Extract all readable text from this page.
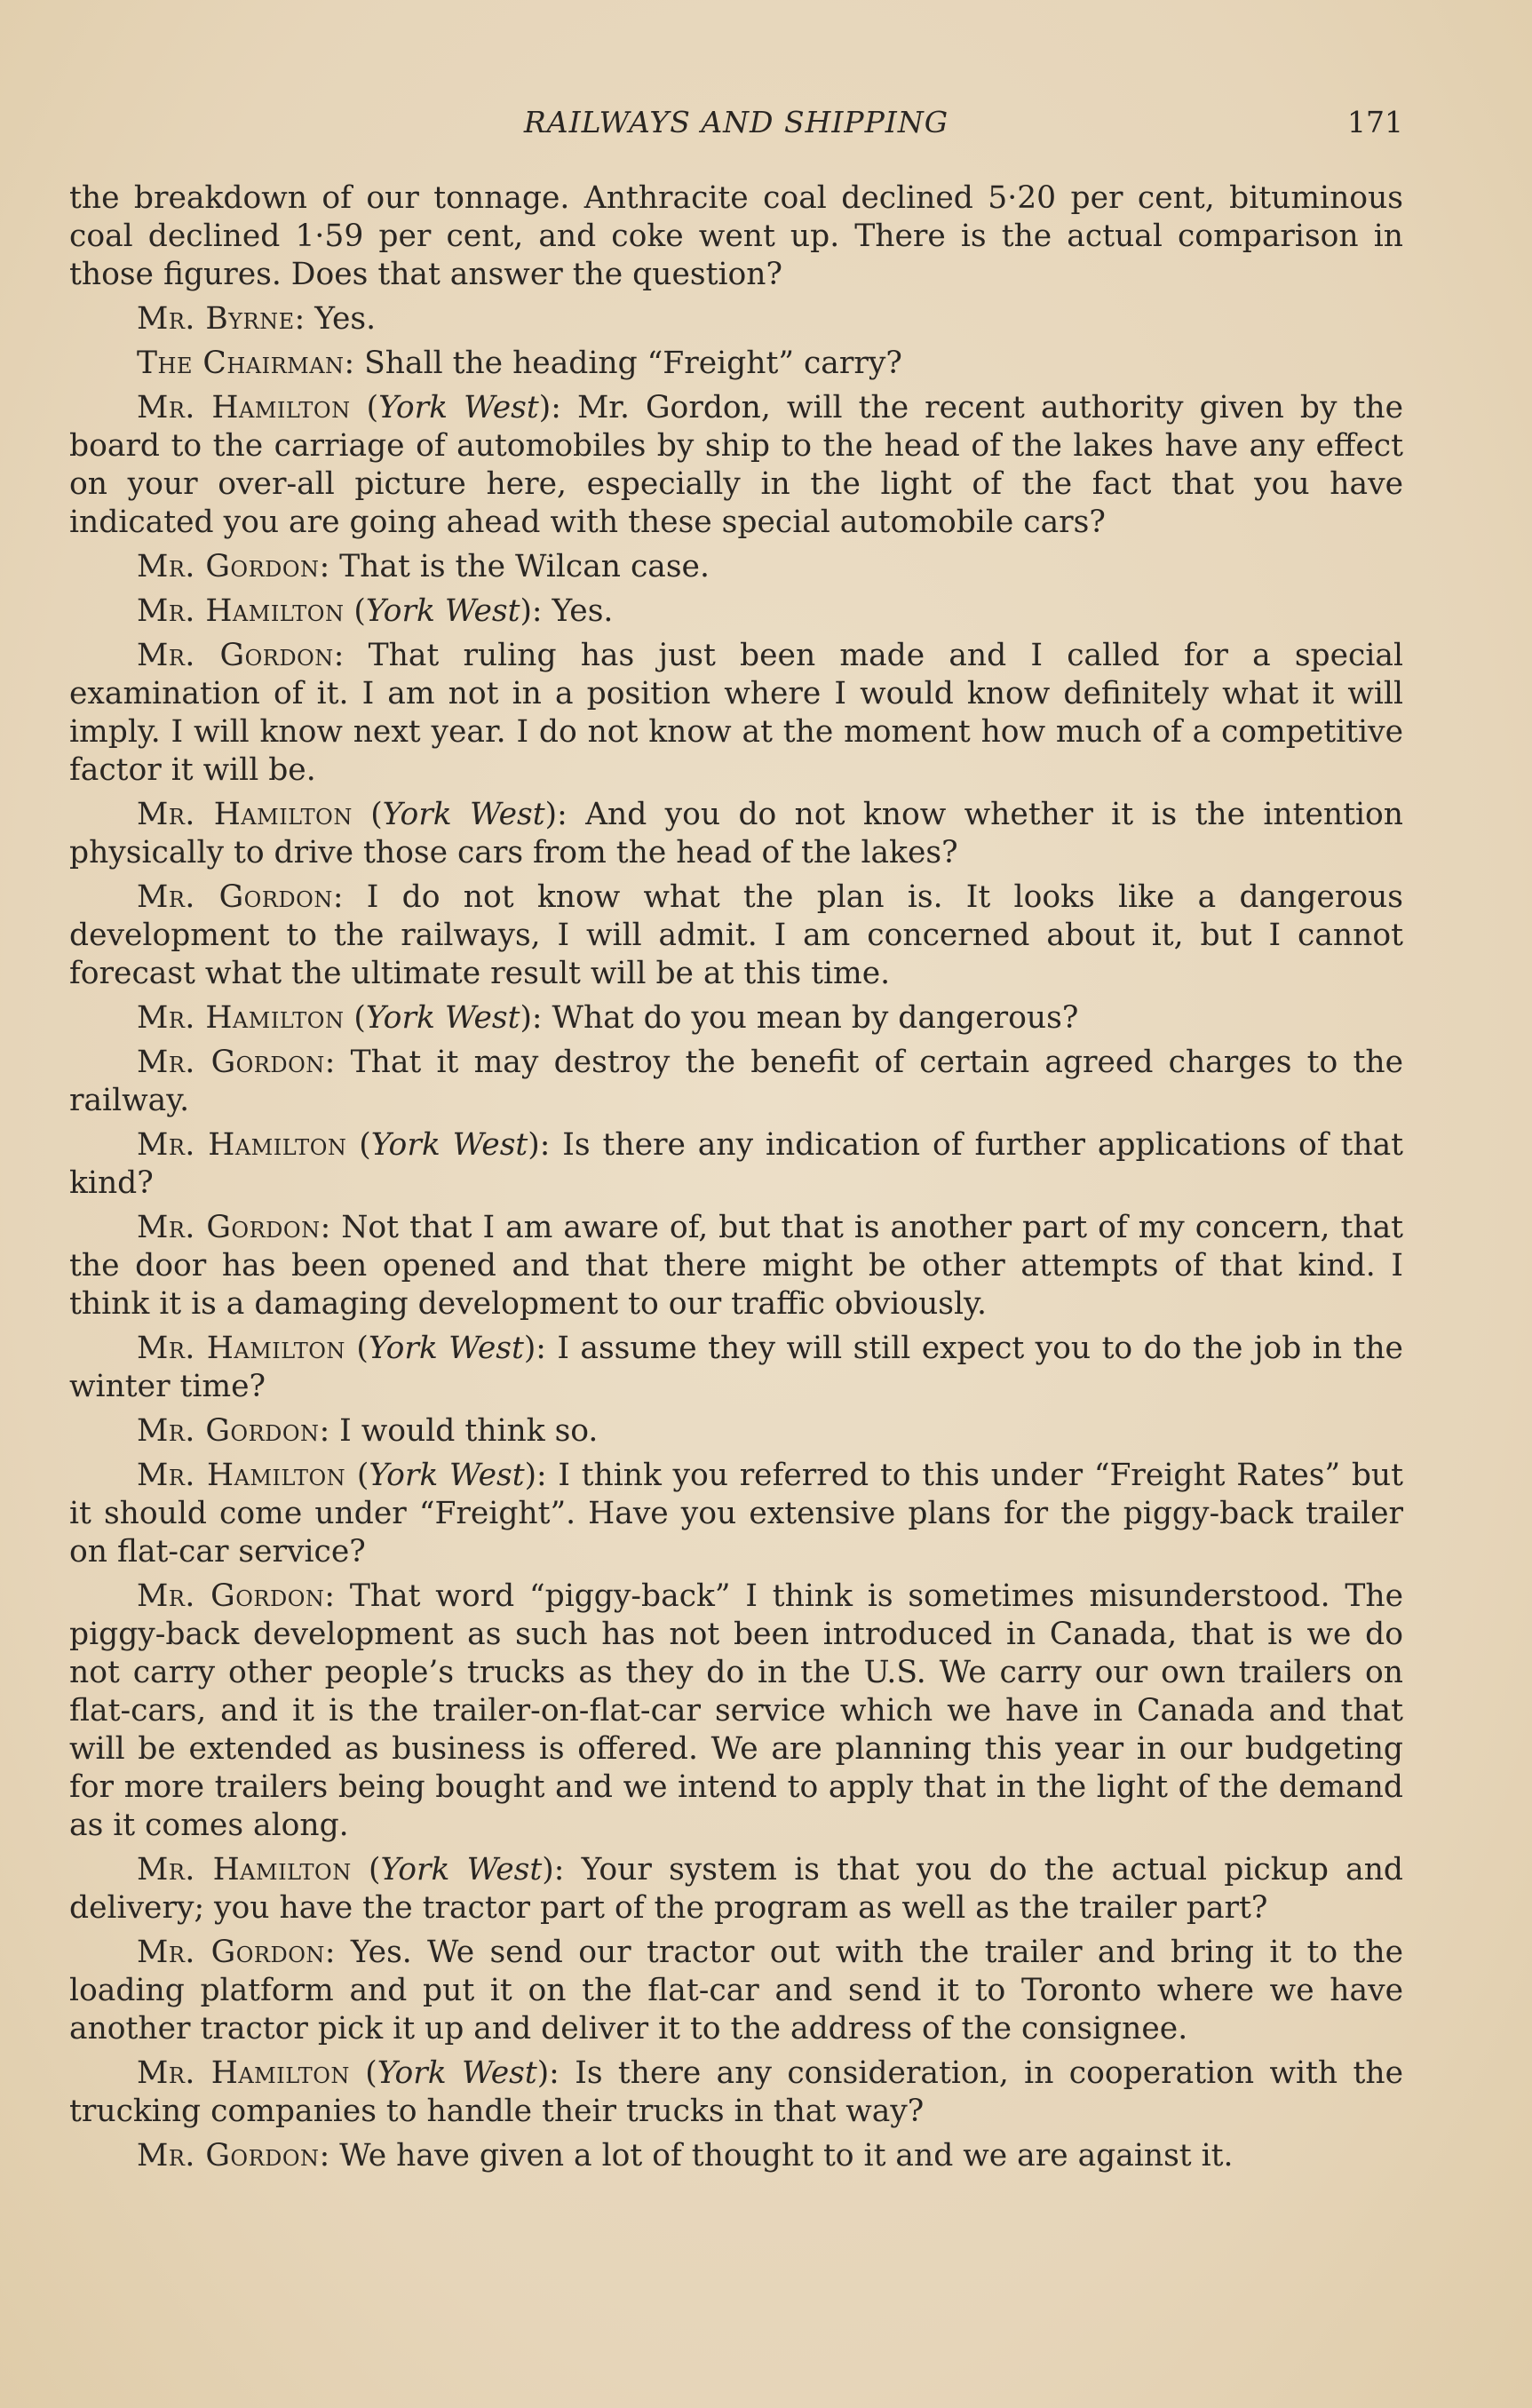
RAILWAYS AND SHIPPING	171

the breakdown of our tonnage. Anthracite coal declined 5·20 per cent, bituminous coal declined 1·59 per cent, and coke went up. There is the actual comparison in those figures. Does that answer the question?

Mr. Byrne: Yes.

The Chairman: Shall the heading “Freight” carry?

Mr. Hamilton (York West): Mr. Gordon, will the recent authority given by the board to the carriage of automobiles by ship to the head of the lakes have any effect on your over-all picture here, especially in the light of the fact that you have indicated you are going ahead with these special automobile cars?

Mr. Gordon: That is the Wilcan case.

Mr. Hamilton (York West): Yes.

Mr. Gordon: That ruling has just been made and I called for a special examination of it. I am not in a position where I would know definitely what it will imply. I will know next year. I do not know at the moment how much of a competitive factor it will be.

Mr. Hamilton (York West): And you do not know whether it is the intention physically to drive those cars from the head of the lakes?

Mr. Gordon: I do not know what the plan is. It looks like a dangerous development to the railways, I will admit. I am concerned about it, but I cannot forecast what the ultimate result will be at this time.

Mr. Hamilton (York West): What do you mean by dangerous?

Mr. Gordon: That it may destroy the benefit of certain agreed charges to the railway.

Mr. Hamilton (York West): Is there any indication of further applications of that kind?

Mr. Gordon: Not that I am aware of, but that is another part of my concern, that the door has been opened and that there might be other attempts of that kind. I think it is a damaging development to our traffic obviously.

Mr. Hamilton (York West): I assume they will still expect you to do the job in the winter time?

Mr. Gordon: I would think so.

Mr. Hamilton (York West): I think you referred to this under “Freight Rates” but it should come under “Freight”. Have you extensive plans for the piggy-back trailer on flat-car service?

Mr. Gordon: That word “piggy-back” I think is sometimes misunderstood. The piggy-back development as such has not been introduced in Canada, that is we do not carry other people’s trucks as they do in the U.S. We carry our own trailers on flat-cars, and it is the trailer-on-flat-car service which we have in Canada and that will be extended as business is offered. We are planning this year in our budgeting for more trailers being bought and we intend to apply that in the light of the demand as it comes along.

Mr. Hamilton (York West): Your system is that you do the actual pickup and delivery; you have the tractor part of the program as well as the trailer part?

Mr. Gordon: Yes. We send our tractor out with the trailer and bring it to the loading platform and put it on the flat-car and send it to Toronto where we have another tractor pick it up and deliver it to the address of the consignee.

Mr. Hamilton (York West): Is there any consideration, in cooperation with the trucking companies to handle their trucks in that way?

Mr. Gordon: We have given a lot of thought to it and we are against it.
